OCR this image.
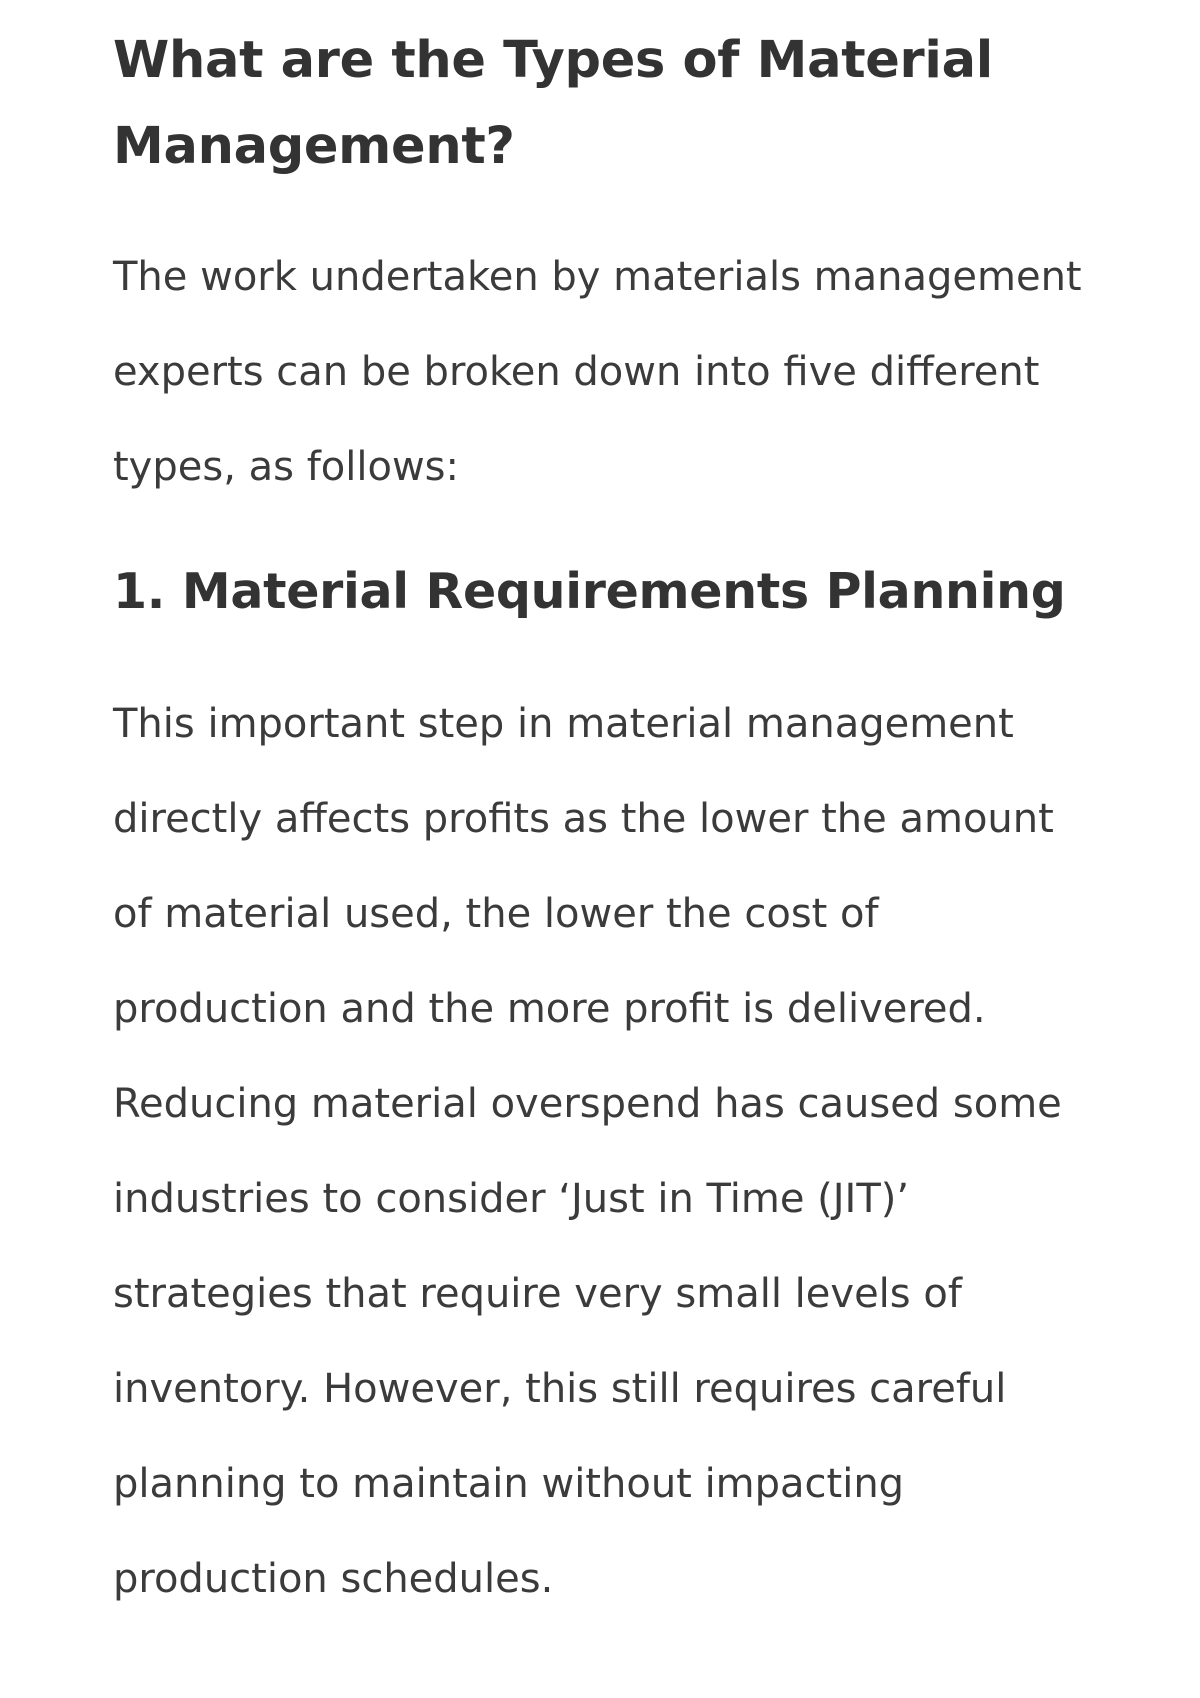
What are the Types of Material Management?

The work undertaken by materials management experts can be broken down into five different types, as follows:

1. Material Requirements Planning

This important step in material management directly affects profits as the lower the amount of material used, the lower the cost of production and the more profit is delivered. Reducing material overspend has caused some industries to consider ‘Just in Time (JIT)’ strategies that require very small levels of inventory. However, this still requires careful planning to maintain without impacting production schedules.
